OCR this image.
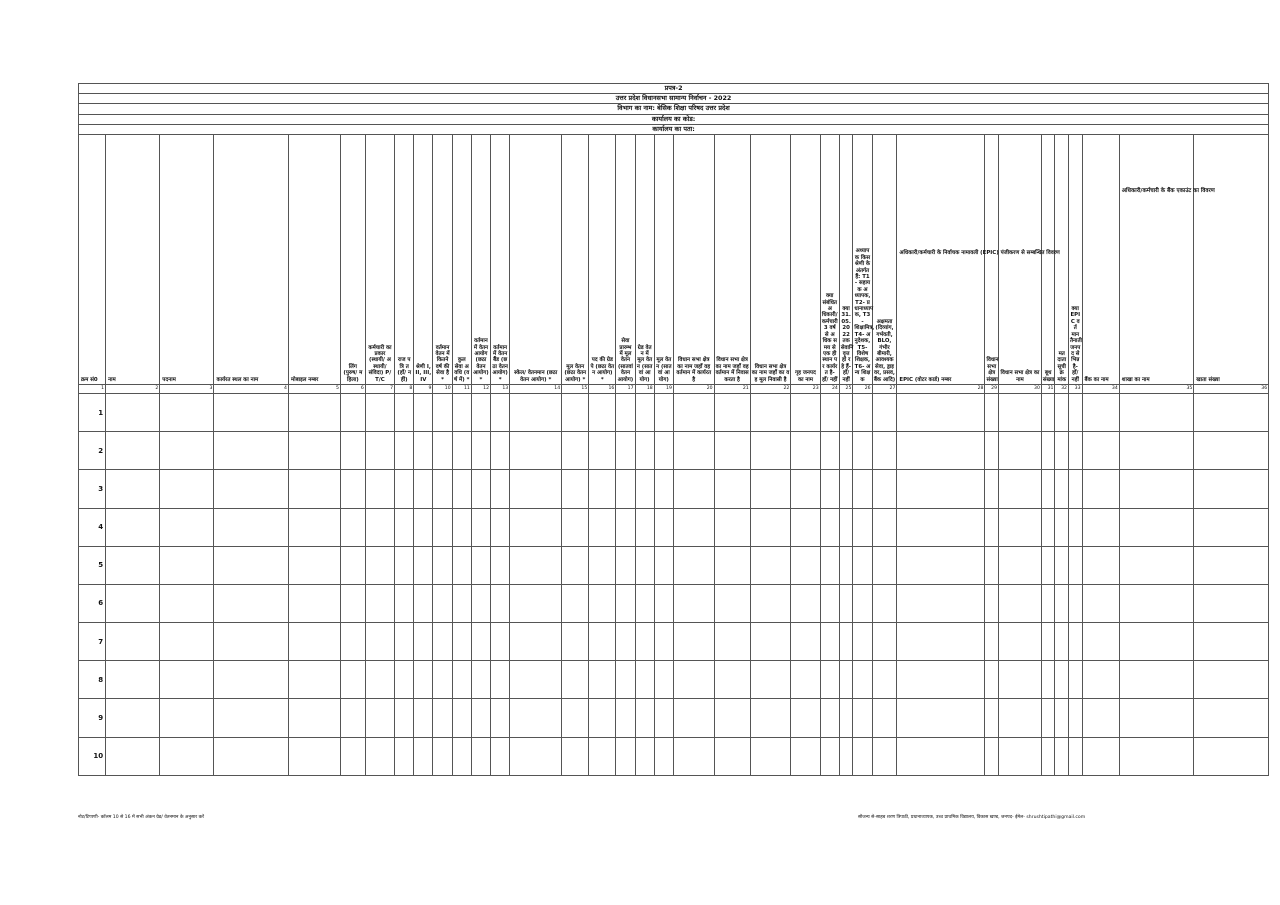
प्रपत्र-2																																				
उत्तर प्रदेश विधानसभा सामान्य निर्वाचन - 2022																																				
विभाग का नाम: बेसिक शिक्षा परिषद उत्तर प्रदेश																																				
कार्यालय का कोड:																																				
कार्यालय का पता:																																				
क्रम सं0	नाम	पदनाम	कार्यरत स्थल का नाम	मोबाइल नम्बर	लिंग (पुरुष/ महिला)	कर्मचारी का प्रकार (स्थायी/ अस्थायी/ संविदा) P/T/C	राज पत्रि त (हाँ/ नहीं)	श्रेणी I, II, III, IV	वर्तमान वेतन में कितने वर्ष की सेवा है *	कुल सेवा अवधि (वर्ष में) *	वर्तमान में वेतन आयोग (छठा वेतन आयोग) *	वर्तमान में वेतन बैंड (छठा वेतन आयोग) *	स्केल/ वेतनमान (छठा वेतन आयोग) *	मूल वेतन (छठा वेतन आयोग) *	पद की ग्रेड पे (छठा वेतन आयोग) *	सेवा प्रारम्भ में मूल वेतन (सातवां वेतन आयोग)	ग्रेड वेतन में मूल वेतन (सातवां आयोग)	मूल वेतन (सातवां आयोग)	विधान सभा क्षेत्र का नाम जहाँ वह वर्तमान में कार्यरत है	विधान सभा क्षेत्र का नाम जहाँ वह वर्तमान में निवास करता है	विधान सभा क्षेत्र का नाम जहाँ का वह मूल निवासी है	गृह जनपद का नाम	क्या संबंधित अधिकारी/ कर्मचारी 3 वर्ष से अधिक समय से एक ही स्थान पर कार्यरत है- हाँ/ नहीं	क्या 31.05.2022 तक सेवानिवृत्त हो रहे हैं- हाँ/ नहीं	अध्यापक किस श्रेणी के अंतर्गत हैं: T1- सहायक अध्यापक, T2- प्रधानाध्यापक, T3- शिक्षामित्र, T4- अनुदेशक, T5- विशेष शिक्षक, T6- अन्य शिक्षक	अक्षमता (दिव्यांग, गर्भवती, BLO, गंभीर बीमारी, आवश्यक सेवा, ड्राइवर, प्रसव, बैंक आदि)	अधिकारी/कर्मचारी के निर्वाचक नामावली (EPIC) पंजीकरण से सम्बन्धित विवरण
EPIC (वोटर कार्ड) नम्बर	विधान सभा क्षेत्र संख्या	विधान सभा क्षेत्र का नाम	बूथ संख्या	मतदाता सूची क्रमांक	क्या EPIC वर्तमान तैनाती जनपद से भिन्न है- हाँ/ नहीं	बैंक का नाम	अधिकारी/कर्मचारी के बैंक एकाउंट का विवरण
शाखा का नाम	खाता संख्या	
1	2	3	4	5	6	7	8	9	10	11	12	13	14	15	16	17	18	19	20	21	22	23	24	25	26	27	28	29	30	31	32	33	34	35	36	
1																																				
2																																				
3																																				
4																																				
5																																				
6																																				
7																																				
8																																				
9																																				
10																																				
नोट/टिप्पणी- कॉलम 10 से 16 में सभी अंकन ग्रेड/ वेतनमान के अनुसार करें	सौजन्य से-साहब शरण त्रिपाठी, प्रधानाध्यापक, उच्च प्राथमिक विद्यालय, विकास खण्ड, जनपद- ईमेल- shrushtipathi@gmail.com
